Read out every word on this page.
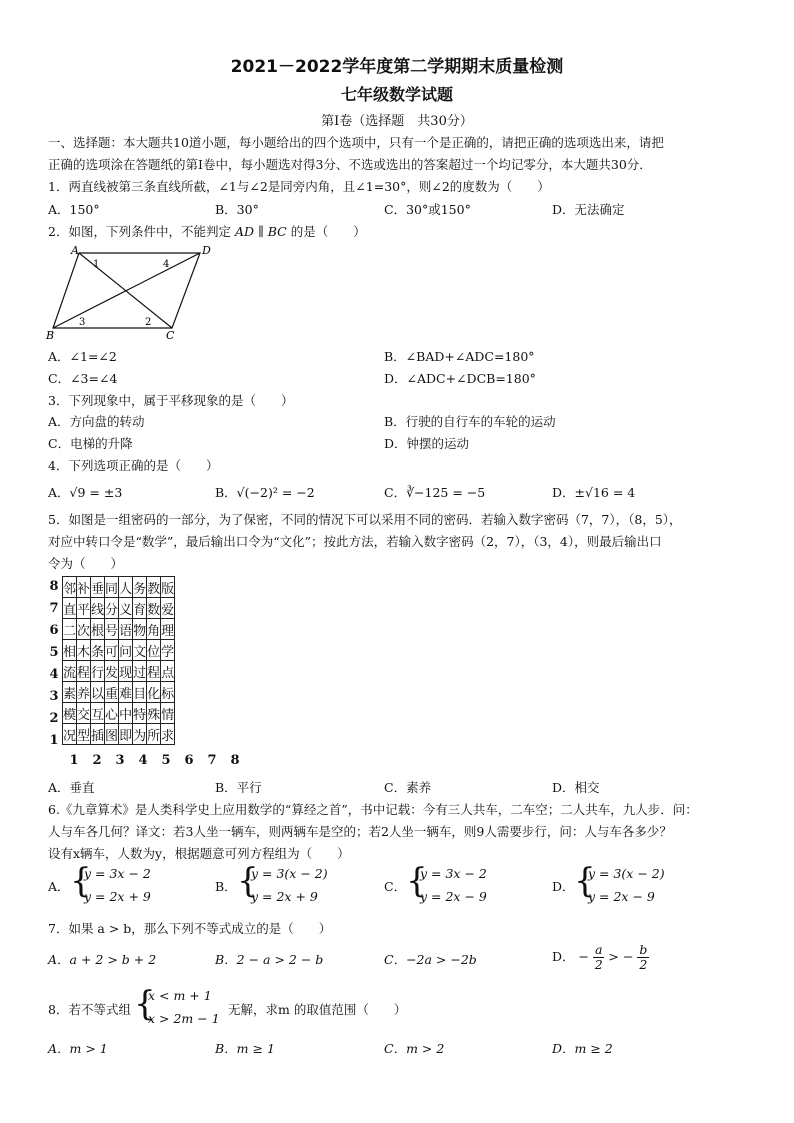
2021－2022学年度第二学期期末质量检测
七年级数学试题
第Ⅰ卷（选择题　共30分）
一、选择题：本大题共10道小题，每小题给出的四个选项中，只有一个是正确的，请把正确的选项选出来，请把
正确的选项涂在答题纸的第Ⅰ卷中，每小题选对得3分、不选或选出的答案超过一个均记零分，本大题共30分．
1．两直线被第三条直线所截，∠1与∠2是同旁内角，且∠1=30°，则∠2的度数为（　　）
A．150°	B．30°	C．30°或150°	D．无法确定
2．如图，下列条件中，不能判定 AD ∥ BC 的是（　　）
A	D
B	C
1
2
3
4
A．∠1=∠2	B．∠BAD+∠ADC=180°
C．∠3=∠4	D．∠ADC+∠DCB=180°
3．下列现象中，属于平移现象的是（　　）
A．方向盘的转动	B．行驶的自行车的车轮的运动
C．电梯的升降	D．钟摆的运动
4．下列选项正确的是（　　）
A．√9 = ±3	B．√(−2)² = −2	C．∛−125 = −5	D．±√16 = 4
5．如图是一组密码的一部分，为了保密，不同的情况下可以采用不同的密码．若输入数字密码（7，7），（8，5），
对应中转口令是“数学”，最后输出口令为“文化”；按此方法，若输入数字密码（2，7），（3，4），则最后输出口
令为（　　）
8
7
6
5
4
3
2
1
邻	补	垂	同	人	务	教	版
直	平	线	分	义	育	数	爱
二	次	根	号	语	物	角	理
相	木	条	可	问	文	位	学
流	程	行	发	现	过	程	点
素	养	以	重	难	目	化	标
模	交	互	心	中	特	殊	情
况	型	插	图	即	为	所	求
1	2	3	4	5	6	7	8
A．垂直	B．平行	C．素养	D．相交
6.《九章算术》是人类科学史上应用数学的“算经之首”，书中记载：今有三人共车，二车空；二人共车，九人步．问：
人与车各几何？译文：若3人坐一辆车，则两辆车是空的；若2人坐一辆车，则9人需要步行，问：人与车各多少？
设有x辆车，人数为y，根据题意可列方程组为（　　）
A． {
y = 3x − 2
y = 2x + 9
B． {
y = 3(x − 2)
y = 2x + 9
C． {
y = 3x − 2
y = 2x − 9
D． {
y = 3(x − 2)
y = 2x − 9
7．如果 a > b，那么下列不等式成立的是（　　）
A．a + 2 > b + 2	B．2 − a > 2 − b	C．−2a > −2b	D． − $\frac{a}{2}$ > − $\frac{b}{2}$
8．若不等式组 {
x < m + 1
x > 2m − 1
无解，求m 的取值范围（　　）
A．m > 1	B．m ≥ 1	C．m > 2	D．m ≥ 2
